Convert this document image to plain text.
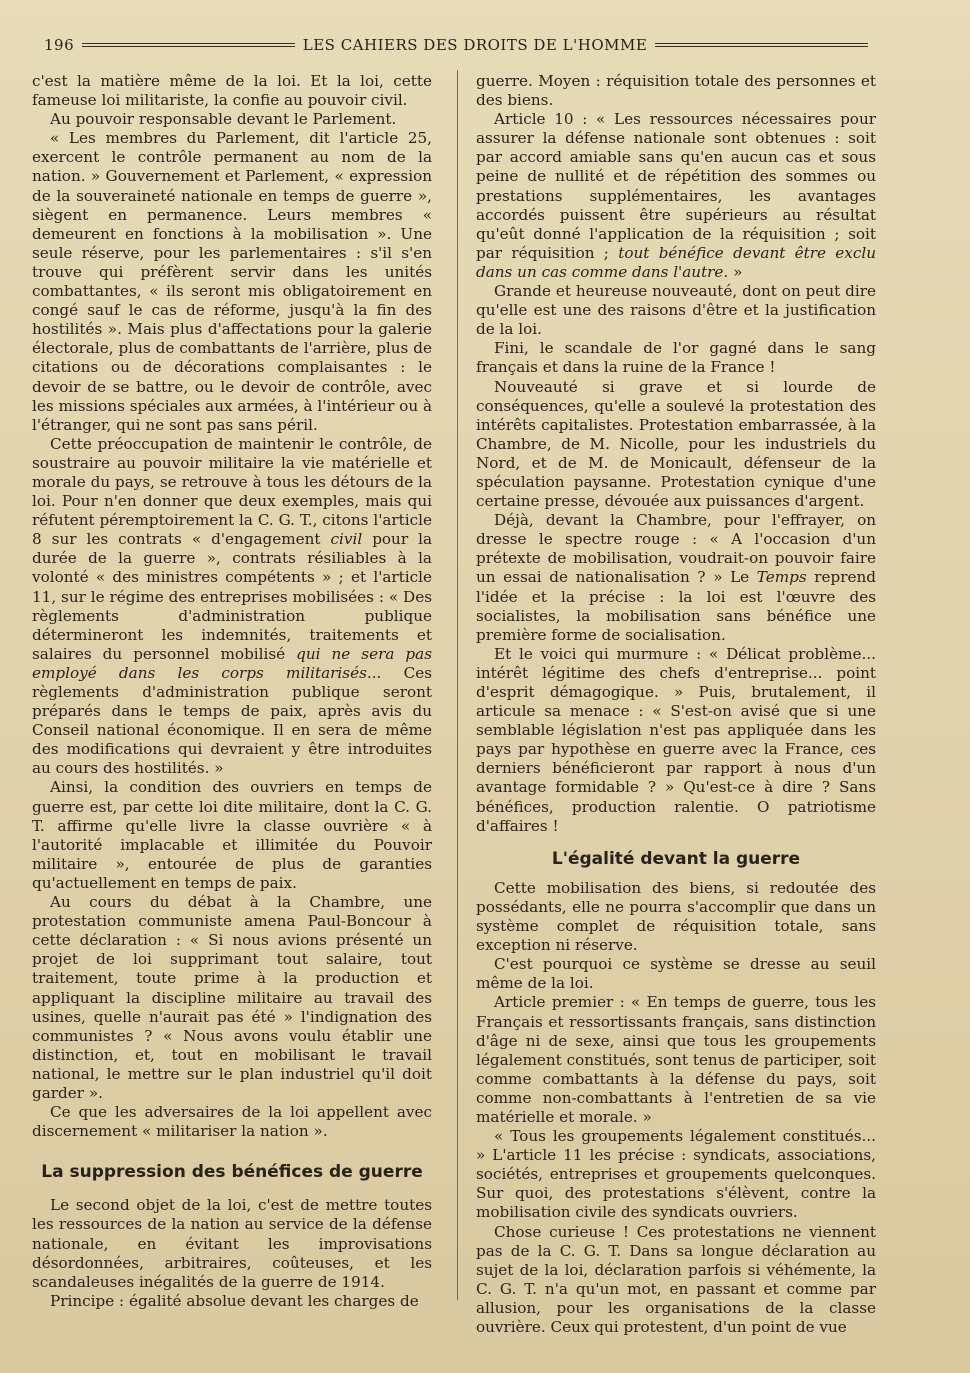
196	LES CAHIERS DES DROITS DE L'HOMME

c'est la matière même de la loi. Et la loi, cette fameuse loi militariste, la confie au pouvoir civil.

Au pouvoir responsable devant le Parlement.

« Les membres du Parlement, dit l'article 25, exercent le contrôle permanent au nom de la nation. » Gouvernement et Parlement, « expression de la souveraineté nationale en temps de guerre », siègent en permanence. Leurs membres « demeurent en fonctions à la mobilisation ». Une seule réserve, pour les parlementaires : s'il s'en trouve qui préfèrent servir dans les unités combattantes, « ils seront mis obligatoirement en congé sauf le cas de réforme, jusqu'à la fin des hostilités ». Mais plus d'affectations pour la galerie électorale, plus de combattants de l'arrière, plus de citations ou de décorations complaisantes : le devoir de se battre, ou le devoir de contrôle, avec les missions spéciales aux armées, à l'intérieur ou à l'étranger, qui ne sont pas sans péril.

Cette préoccupation de maintenir le contrôle, de soustraire au pouvoir militaire la vie matérielle et morale du pays, se retrouve à tous les détours de la loi. Pour n'en donner que deux exemples, mais qui réfutent péremptoirement la C. G. T., citons l'article 8 sur les contrats « d'engagement civil pour la durée de la guerre », contrats résiliables à la volonté « des ministres compétents » ; et l'article 11, sur le régime des entreprises mobilisées : « Des règlements d'administration publique détermineront les indemnités, traitements et salaires du personnel mobilisé qui ne sera pas employé dans les corps militarisés... Ces règlements d'administration publique seront préparés dans le temps de paix, après avis du Conseil national économique. Il en sera de même des modifications qui devraient y être introduites au cours des hostilités. »

Ainsi, la condition des ouvriers en temps de guerre est, par cette loi dite militaire, dont la C. G. T. affirme qu'elle livre la classe ouvrière « à l'autorité implacable et illimitée du Pouvoir militaire », entourée de plus de garanties qu'actuellement en temps de paix.

Au cours du débat à la Chambre, une protestation communiste amena Paul-Boncour à cette déclaration : « Si nous avions présenté un projet de loi supprimant tout salaire, tout traitement, toute prime à la production et appliquant la discipline militaire au travail des usines, quelle n'aurait pas été » l'indignation des communistes ? « Nous avons voulu établir une distinction, et, tout en mobilisant le travail national, le mettre sur le plan industriel qu'il doit garder ».

Ce que les adversaires de la loi appellent avec discernement « militariser la nation ».

La suppression des bénéfices de guerre

Le second objet de la loi, c'est de mettre toutes les ressources de la nation au service de la défense nationale, en évitant les improvisations désordonnées, arbitraires, coûteuses, et les scandaleuses inégalités de la guerre de 1914.

Principe : égalité absolue devant les charges de

guerre. Moyen : réquisition totale des personnes et des biens.

Article 10 : « Les ressources nécessaires pour assurer la défense nationale sont obtenues : soit par accord amiable sans qu'en aucun cas et sous peine de nullité et de répétition des sommes ou prestations supplémentaires, les avantages accordés puissent être supérieurs au résultat qu'eût donné l'application de la réquisition ; soit par réquisition ; tout bénéfice devant être exclu dans un cas comme dans l'autre. »

Grande et heureuse nouveauté, dont on peut dire qu'elle est une des raisons d'être et la justification de la loi.

Fini, le scandale de l'or gagné dans le sang français et dans la ruine de la France !

Nouveauté si grave et si lourde de conséquences, qu'elle a soulevé la protestation des intérêts capitalistes. Protestation embarrassée, à la Chambre, de M. Nicolle, pour les industriels du Nord, et de M. de Monicault, défenseur de la spéculation paysanne. Protestation cynique d'une certaine presse, dévouée aux puissances d'argent.

Déjà, devant la Chambre, pour l'effrayer, on dresse le spectre rouge : « A l'occasion d'un prétexte de mobilisation, voudrait-on pouvoir faire un essai de nationalisation ? » Le Temps reprend l'idée et la précise : la loi est l'œuvre des socialistes, la mobilisation sans bénéfice une première forme de socialisation.

Et le voici qui murmure : « Délicat problème... intérêt légitime des chefs d'entreprise... point d'esprit démagogique. » Puis, brutalement, il articule sa menace : « S'est-on avisé que si une semblable législation n'est pas appliquée dans les pays par hypothèse en guerre avec la France, ces derniers bénéficieront par rapport à nous d'un avantage formidable ? » Qu'est-ce à dire ? Sans bénéfices, production ralentie. O patriotisme d'affaires !

L'égalité devant la guerre

Cette mobilisation des biens, si redoutée des possédants, elle ne pourra s'accomplir que dans un système complet de réquisition totale, sans exception ni réserve.

C'est pourquoi ce système se dresse au seuil même de la loi.

Article premier : « En temps de guerre, tous les Français et ressortissants français, sans distinction d'âge ni de sexe, ainsi que tous les groupements légalement constitués, sont tenus de participer, soit comme combattants à la défense du pays, soit comme non-combattants à l'entretien de sa vie matérielle et morale. »

« Tous les groupements légalement constitués... » L'article 11 les précise : syndicats, associations, sociétés, entreprises et groupements quelconques. Sur quoi, des protestations s'élèvent, contre la mobilisation civile des syndicats ouvriers.

Chose curieuse ! Ces protestations ne viennent pas de la C. G. T. Dans sa longue déclaration au sujet de la loi, déclaration parfois si véhémente, la C. G. T. n'a qu'un mot, en passant et comme par allusion, pour les organisations de la classe ouvrière. Ceux qui protestent, d'un point de vue
